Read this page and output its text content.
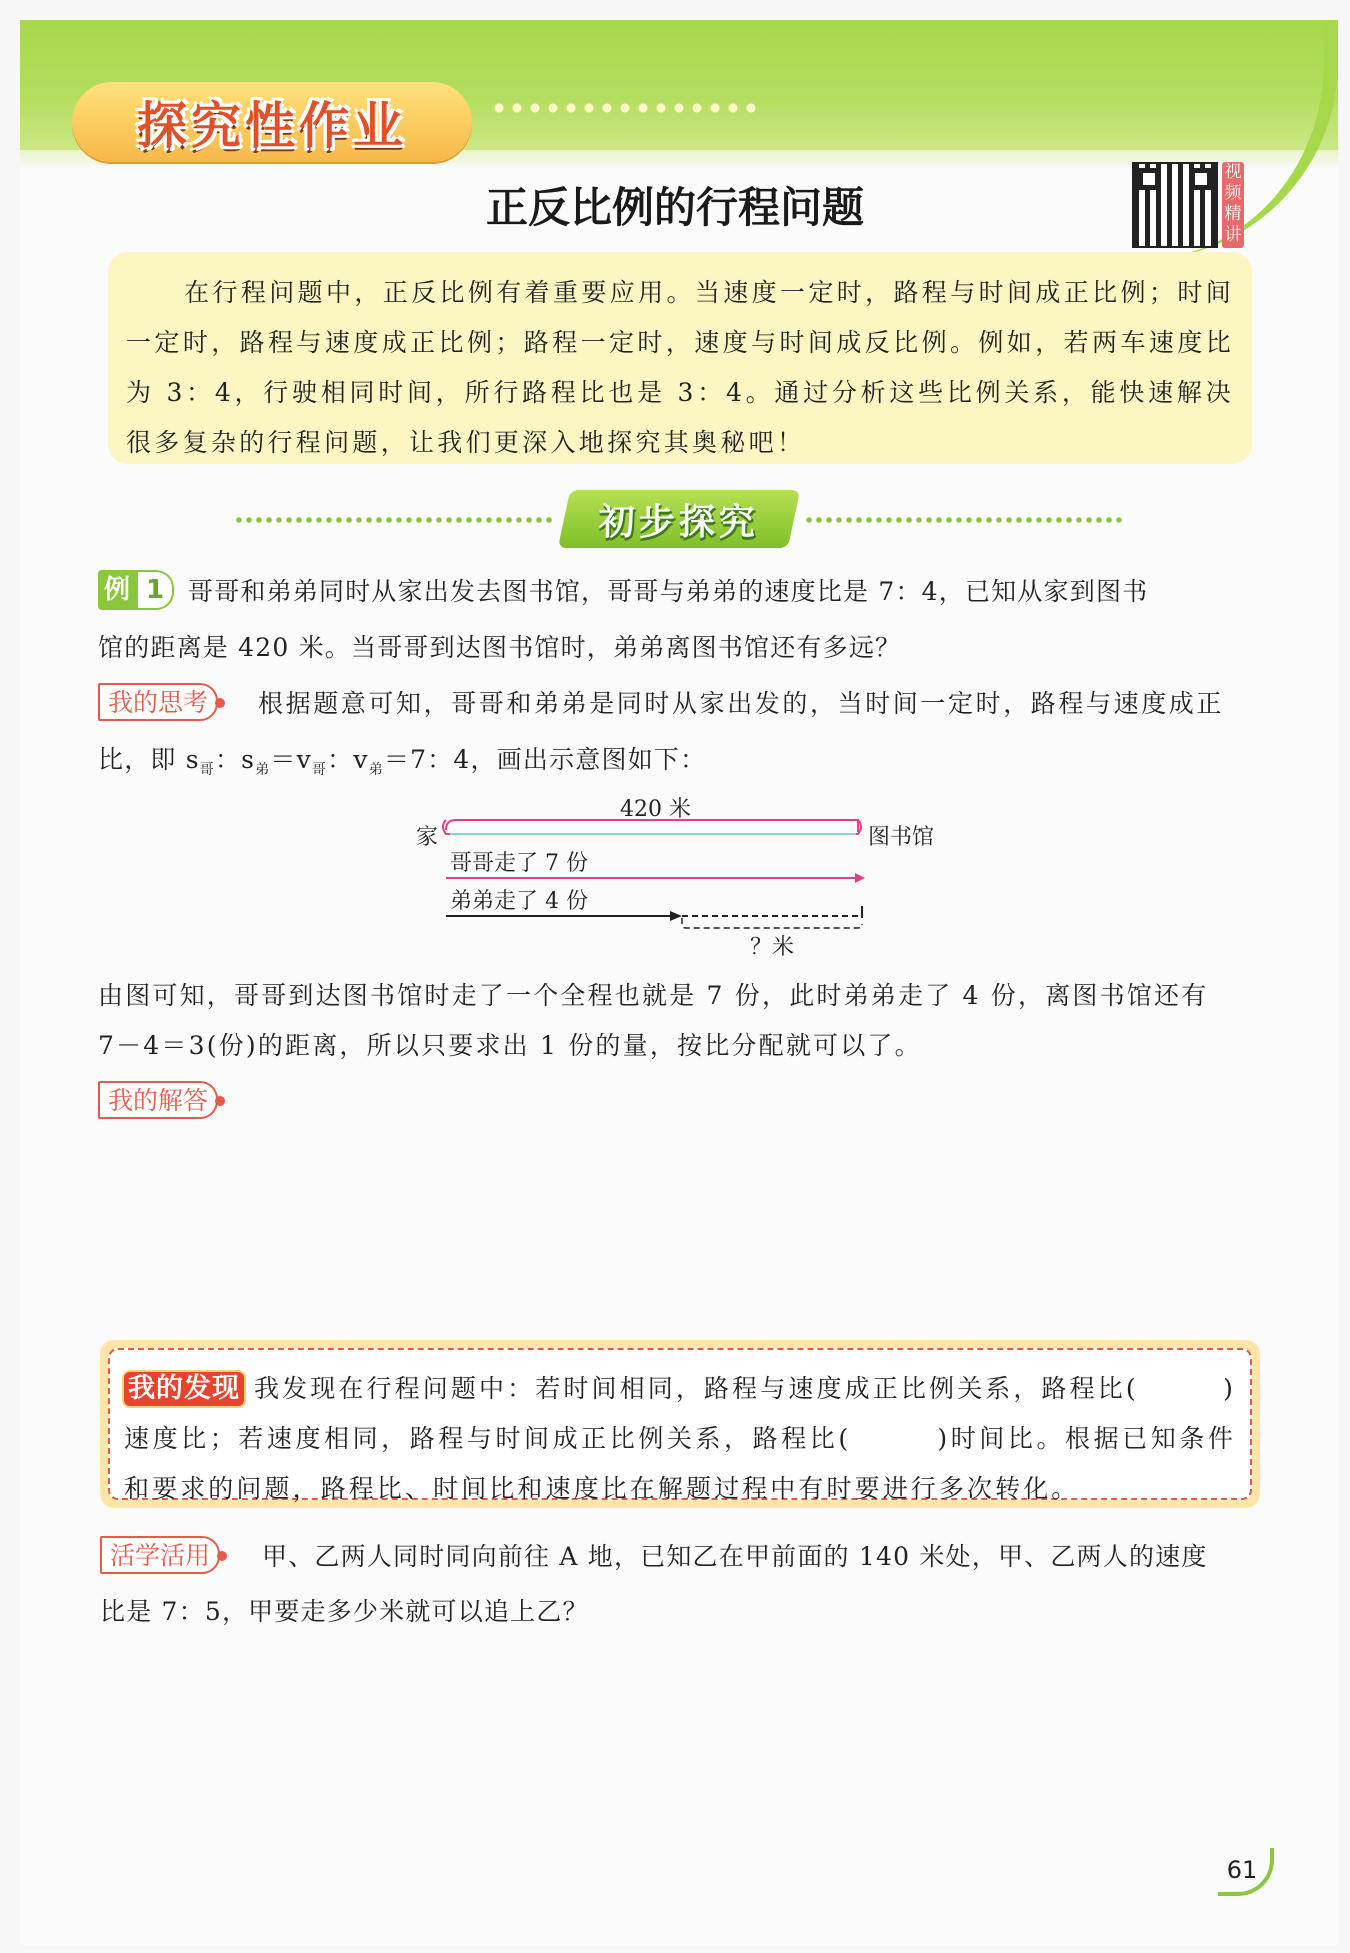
探究性作业
正反比例的行程问题
视频精讲
在行程问题中，正反比例有着重要应用。当速度一定时，路程与时间成正比例；时间一定时，路程与速度成正比例；路程一定时，速度与时间成反比例。例如，若两车速度比为 3：4，行驶相同时间，所行路程比也是 3：4。通过分析这些比例关系，能快速解决很多复杂的行程问题，让我们更深入地探究其奥秘吧！
初步探究
例 1 哥哥和弟弟同时从家出发去图书馆，哥哥与弟弟的速度比是 7：4，已知从家到图书
馆的距离是 420 米。当哥哥到达图书馆时，弟弟离图书馆还有多远？
我的思考	根据题意可知，哥哥和弟弟是同时从家出发的，当时间一定时，路程与速度成正
比，即 $s_哥$：$s_弟=v_哥$：$v_弟=7$：4，画出示意图如下：
420 米
家	图书馆
哥哥走了 7 份
弟弟走了 4 份
？米
由图可知，哥哥到达图书馆时走了一个全程也就是 7 份，此时弟弟走了 4 份，离图书馆还有
7－4＝3(份)的距离，所以只要求出 1 份的量，按比分配就可以了。
我的解答
我的发现 我发现在行程问题中：若时间相同，路程与速度成正比例关系，路程比(　　　)速度比；若速度相同，路程与时间成正比例关系，路程比(　　　)时间比。根据已知条件和要求的问题，路程比、时间比和速度比在解题过程中有时要进行多次转化。
活学活用	甲、乙两人同时同向前往 A 地，已知乙在甲前面的 140 米处，甲、乙两人的速度
比是 7：5，甲要走多少米就可以追上乙？
61
